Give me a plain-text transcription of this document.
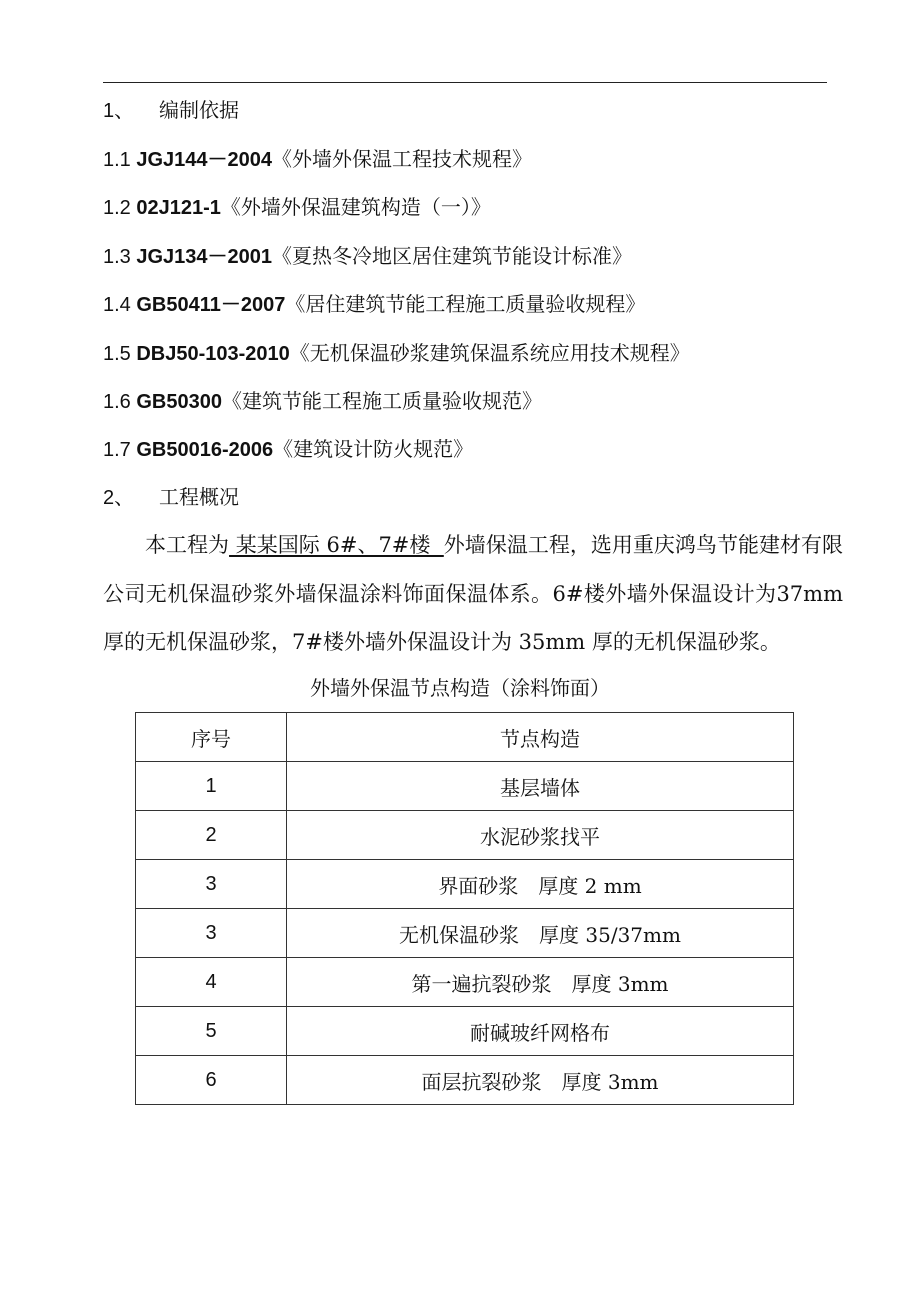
1、 编制依据
1.1 JGJ144－2004《外墙外保温工程技术规程》
1.2 02J121-1《外墙外保温建筑构造（一）》
1.3 JGJ134－2001《夏热冬冷地区居住建筑节能设计标准》
1.4 GB50411－2007《居住建筑节能工程施工质量验收规程》
1.5 DBJ50-103-2010《无机保温砂浆建筑保温系统应用技术规程》
1.6 GB50300《建筑节能工程施工质量验收规范》
1.7 GB50016-2006《建筑设计防火规范》
2、 工程概况
本工程为 某某国际 6#、7#楼  外墙保温工程，选用重庆鸿鸟节能建材有限公司无机保温砂浆外墙保温涂料饰面保温体系。6#楼外墙外保温设计为37mm 厚的无机保温砂浆，7#楼外墙外保温设计为 35mm 厚的无机保温砂浆。
外墙外保温节点构造（涂料饰面）
序号	节点构造
1	基层墙体
2	水泥砂浆找平
3	界面砂浆　厚度 2 mm
3	无机保温砂浆　厚度 35/37mm
4	第一遍抗裂砂浆　厚度 3mm
5	耐碱玻纤网格布
6	面层抗裂砂浆　厚度 3mm
